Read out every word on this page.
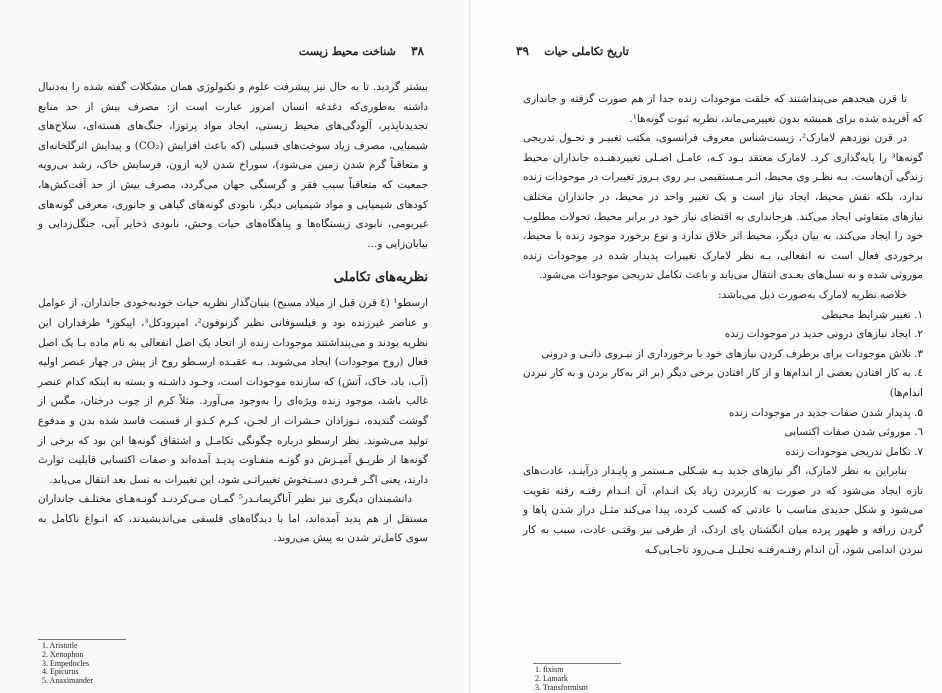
۳۸    شناخت محیط زیست

بیشتر گردید. تا به حال نیز پیشرفت علوم و تکنولوژی همان مشکلات گفته شده را به‌دنبال داشته به‌طوری‌که دغدغه انسان امروز عبارت است از: مصرف بیش از حد منابع تجدیدناپذیر، آلودگی‌های محیط زیستی، ایجاد مواد پرتوزا، جنگ‌های هسته‌ای، سلاح‌های شیمیایی، مصرف زیاد سوخت‌های فسیلی (که باعث افزایش (CO₂) و پیدایش اثرگلخانه‌ای و متعاقباً گرم شدن زمین می‌شود)، سوراخ شدن لایه ازون، فرسایش خاک، رشد بی‌رویه جمعیت که متعاقباً سبب فقر و گرسنگی جهان می‌گردد، مصرف بیش از حد آفت‌کش‌ها، کودهای شیمیایی و مواد شیمیایی دیگر، نابودی گونه‌های گیاهی و جانوری، معرفی گونه‌های غیربومی، نابودی زیستگاه‌ها و پناهگاه‌های حیات وحش، نابودی ذخایر آبی، جنگل‌زدایی و بیابان‌زایی و...

نظریه‌های تکاملی

ارسطو¹ (٤ قرن قبل از میلاد مسیح) بنیان‌گذار نظریه حیات خودبه‌خودی جانداران، از عوامل و عناصر غیرزنده بود و فیلسوفانی نظیر گزنوفون²، امپرودکل³، اپیکور⁴ طرفداران این نظریه بودند و می‌پنداشتند موجودات زنده از اتحاد یک اصل انفعالی به نام ماده بـا یک اصل فعال (روح موجودات) ایجاد می‌شوند. بـه عقیـده ارسـطو روح از پیش در چهار عنصر اولیه (آب، باد، خاک، آتش) که سازنده موجودات است، وجـود داشـته و بسته به اینکه کدام عنصر غالب باشد، موجود زنده ویژه‌ای را به‌وجود می‌آورد. مثلاً کرم از چوب درختان، مگس از گوشت گندیده، نـوزادان حـشرات از لجـن، کـرم کـدو از قسمت فاسد شده بدن و مدفوع تولید می‌شوند. نظر ارسطو درباره چگونگی تکامـل و اشتقاق گونه‌ها این بود که برخی از گونه‌ها از طریـق آمیـزش دو گونـه متفـاوت پدیـد آمده‌اند و صفات اکتسابی قابلیت توارث دارند، یعنی اگـر فـردی دسـتخوش تغییراتـی شود، این تغییرات به نسل بعد انتقال می‌یابد.

دانشمندان دیگری نیز نظیر آناگزیمانـدر⁵ گمـان مـی‌کردنـد گونـه‌هـای مختلـف جانداران مستقل از هم پدید آمده‌اند، اما با دیدگاه‌های فلسفی می‌اندیشیدند، که انـواع ناکامل به سوی کامل‌تر شدن به پیش می‌روند.

1. Aristotle
2. Xenophon
3. Empedocles
4. Epicurus
5. Anaximander
تاریخ تکاملی حیات    ۳۹

تا قرن هیجدهم می‌پنداشتند که خلقت موجودات زنده جدا از هم صورت گرفته و جانداری که آفریده شده برای همیشه بدون تغییرمی‌ماند، نظریه ثبوت گونه‌ها¹.

در قرن نوزدهم لامارک²، زیست‌شناس معروف فرانسوی، مکتب تغییـر و تحـول تدریجی گونه‌ها³ را پایه‌گذاری کرد. لامارک معتقد بـود کـه، عامـل اصـلی تغییردهنـده جانداران محیط زندگی آن‌هاست. بـه نظـر وی محیط، اثـر مـستقیمی بـر روی بـروز تغییرات در موجودات زنده ندارد، بلکه نقش محیط، ایجاد نیاز است و یک تغییر واحد در محیط، در جانداران مختلف نیازهای متفاوتی ایجاد می‌کند. هرجانداری به اقتضای نیاز خود در برابر محیط، تحولات مطلوب خود را ایجاد می‌کند، به بیان دیگر، محیط اثر خلاق ندارد و نوع برخورد موجود زنده با محیط، برخوردی فعال است نه انفعالی، بـه نظر لامارک تغییرات پدیدار شده در موجودات زنده موروثی شده و به نسل‌های بعـدی انتقال می‌یابد و باعث تکامل تدریجی موجودات می‌شود.

خلاصه نظریه لامارک به‌صورت ذیل می‌باشد:

۱. تغییر شرایط محیطی
۲. ایجاد نیازهای درونی جدید در موجودات زنده
۳. تلاش موجودات برای برطرف کردن نیازهای خود با برخورداری از نیـروی ذاتـی و درونی
٤. به کار افتادن بعضی از اندام‌ها و از کار افتادن برخی دیگر (بر اثر به‌کار بردن و به کار نبردن اندام‌ها)
۵. پدیدار شدن صفات جدید در موجودات زنده
٦. موروثی شدن صفات اکتسابی
۷. تکامل تدریجی موجودات زنده

بنابراین به نظر لامارک، اگر نیازهای جدید بـه شـکلی مـستمر و پایـدار درآینـد، عادت‌های تازه ایجاد می‌شود که در صورت به کاربردن زیاد یک انـدام، آن انـدام رفتـه رفته تقویت می‌شود و شکل جدیدی مناسب با عادتی که کسب کرده، پیدا می‌کند مثـل دراز شدن پاها و گردن زرافه و ظهور پرده میان انگشتان پای اردک، از طرفی نیز وقتـی عادت، سبب به کار نبردن اندامی شود، آن اندام رفتـه‌رفتـه تحلیـل مـی‌رود تاجـایی‌کـه

1. fixism
2. Lamark
3. Transformism
